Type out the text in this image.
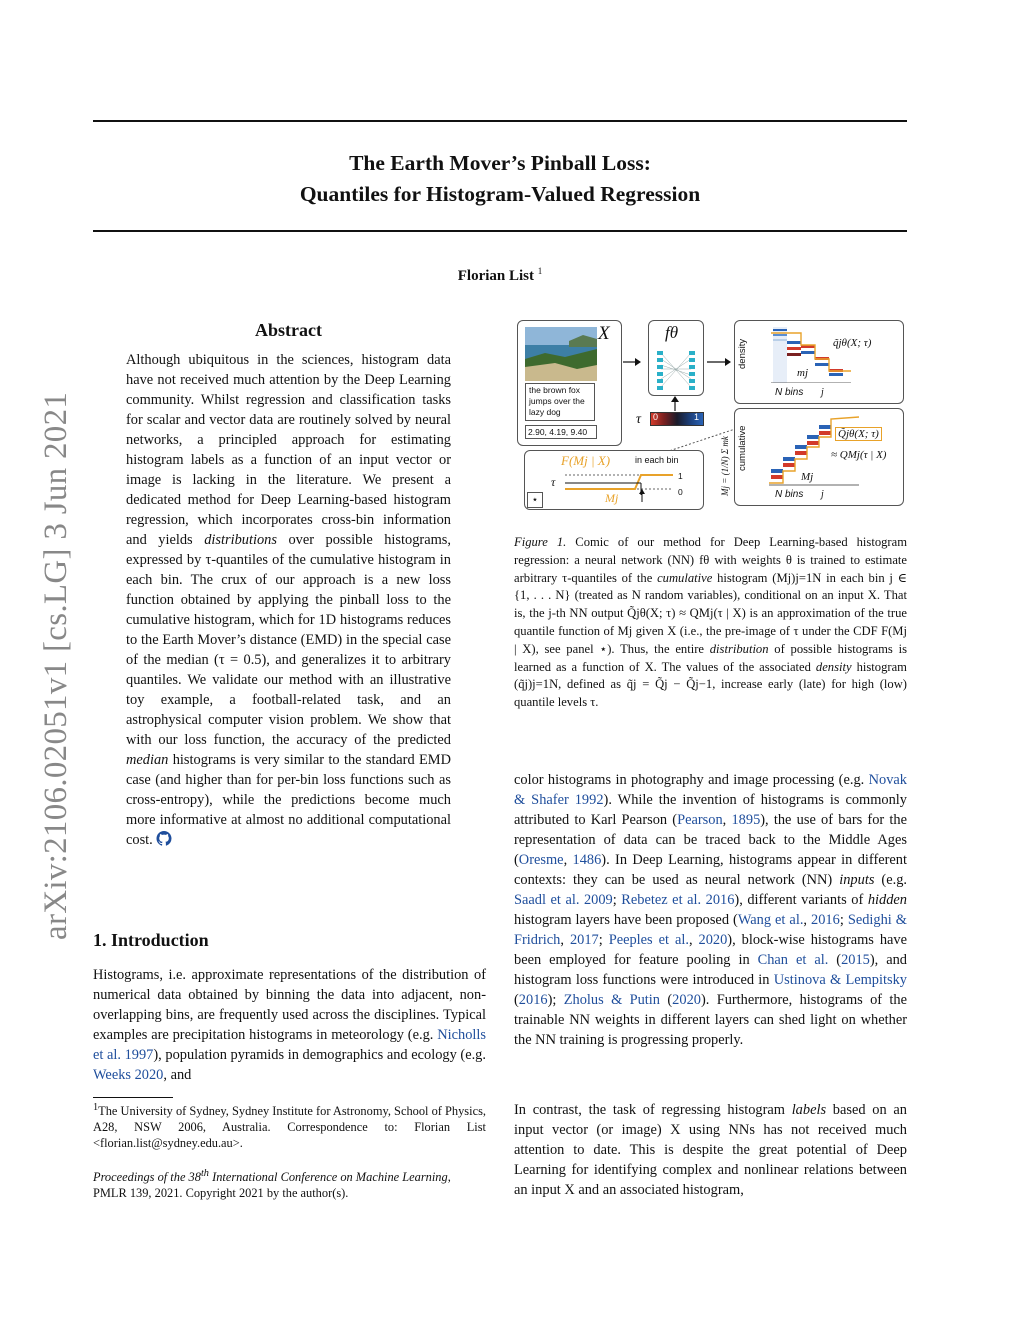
arXiv:2106.02051v1 [cs.LG] 3 Jun 2021
The Earth Mover’s Pinball Loss:
Quantiles for Histogram-Valued Regression
Florian List $^1$
Abstract
Although ubiquitous in the sciences, histogram data have not received much attention by the Deep Learning community. Whilst regression and classification tasks for scalar and vector data are routinely solved by neural networks, a principled approach for estimating histogram labels as a function of an input vector or image is lacking in the literature. We present a dedicated method for Deep Learning-based histogram regression, which incorporates cross-bin information and yields distributions over possible histograms, expressed by τ-quantiles of the cumulative histogram in each bin. The crux of our approach is a new loss function obtained by applying the pinball loss to the cumulative histogram, which for 1D histograms reduces to the Earth Mover’s distance (EMD) in the special case of the median (τ = 0.5), and generalizes it to arbitrary quantiles. We validate our method with an illustrative toy example, a football-related task, and an astrophysical computer vision problem. We show that with our loss function, the accuracy of the predicted median histograms is very similar to the standard EMD case (and higher than for per-bin loss functions such as cross-entropy), while the predictions become much more informative at almost no additional computational cost.
1. Introduction
Histograms, i.e. approximate representations of the distribution of numerical data obtained by binning the data into adjacent, non-overlapping bins, are frequently used across the disciplines. Typical examples are precipitation histograms in meteorology (e.g. Nicholls et al. 1997), population pyramids in demographics and ecology (e.g. Weeks 2020, and
$^1$The University of Sydney, Sydney Institute for Astronomy, School of Physics, A28, NSW 2006, Australia. Correspondence to: Florian List <florian.list@sydney.edu.au>.
Proceedings of the 38th International Conference on Machine Learning, PMLR 139, 2021. Copyright 2021 by the author(s).
X
the brown fox jumps over the lazy dog
2.90, 4.19, 9.40
fθ
τ 0	1
F(Mj | X)	in each bin
1
0
τ
Mj
⋆
Mj = (1/N) Σ mk
density	q̃jθ(X; τ)
mj
N bins j
cumulative	Q̃jθ(X; τ)
≈ QMj(τ | X)
Mj
N bins j
Figure 1. Comic of our method for Deep Learning-based histogram regression: a neural network (NN) fθ with weights θ is trained to estimate arbitrary τ-quantiles of the cumulative histogram (Mj)j=1N in each bin j ∈ {1, . . . N} (treated as N random variables), conditional on an input X. That is, the j-th NN output Q̃jθ(X; τ) ≈ QMj(τ | X) is an approximation of the true quantile function of Mj given X (i.e., the pre-image of τ under the CDF F(Mj | X), see panel ⋆). Thus, the entire distribution of possible histograms is learned as a function of X. The values of the associated density histogram (q̃j)j=1N, defined as q̃j = Q̃j − Q̃j−1, increase early (late) for high (low) quantile levels τ.
color histograms in photography and image processing (e.g. Novak & Shafer 1992). While the invention of histograms is commonly attributed to Karl Pearson (Pearson, 1895), the use of bars for the representation of data can be traced back to the Middle Ages (Oresme, 1486). In Deep Learning, histograms appear in different contexts: they can be used as neural network (NN) inputs (e.g. Saadl et al. 2009; Rebetez et al. 2016), different variants of hidden histogram layers have been proposed (Wang et al., 2016; Sedighi & Fridrich, 2017; Peeples et al., 2020), block-wise histograms have been employed for feature pooling in Chan et al. (2015), and histogram loss functions were introduced in Ustinova & Lempitsky (2016); Zholus & Putin (2020). Furthermore, histograms of the trainable NN weights in different layers can shed light on whether the NN training is progressing properly.
In contrast, the task of regressing histogram labels based on an input vector (or image) X using NNs has not received much attention to date. This is despite the great potential of Deep Learning for identifying complex and nonlinear relations between an input X and an associated histogram,
